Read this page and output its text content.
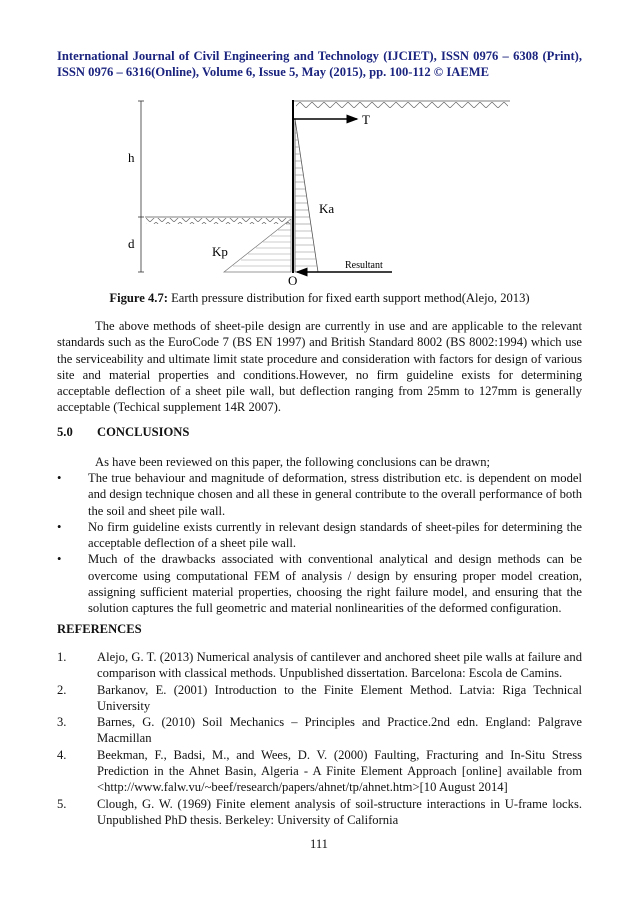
International Journal of Civil Engineering and Technology (IJCIET), ISSN 0976 – 6308 (Print), ISSN 0976 – 6316(Online), Volume 6, Issue 5, May (2015), pp. 100-112 © IAEME
h
d
T
Ka
Kp
Resultant
O
Figure 4.7: Earth pressure distribution for fixed earth support method(Alejo, 2013)
The above methods of sheet-pile design are currently in use and are applicable to the relevant standards such as the EuroCode 7 (BS EN 1997) and British Standard 8002 (BS 8002:1994) which use the serviceability and ultimate limit state procedure and consideration with factors for design of various site and material properties and conditions.However, no firm guideline exists for determining acceptable deflection of a sheet pile wall, but deflection ranging from 25mm to 127mm is generally acceptable (Techical supplement 14R 2007).
5.0 CONCLUSIONS
As have been reviewed on this paper, the following conclusions can be drawn;
• The true behaviour and magnitude of deformation, stress distribution etc. is dependent on model and design technique chosen and all these in general contribute to the overall performance of both the soil and sheet pile wall.
• No firm guideline exists currently in relevant design standards of sheet-piles for determining the acceptable deflection of a sheet pile wall.
• Much of the drawbacks associated with conventional analytical and design methods can be overcome using computational FEM of analysis / design by ensuring proper model creation, assigning sufficient material properties, choosing the right failure model, and ensuring that the solution captures the full geometric and material nonlinearities of the deformed configuration.
REFERENCES
1. Alejo, G. T. (2013) Numerical analysis of cantilever and anchored sheet pile walls at failure and comparison with classical methods. Unpublished dissertation. Barcelona: Escola de Camins.
2. Barkanov, E. (2001) Introduction to the Finite Element Method. Latvia: Riga Technical University
3. Barnes, G. (2010) Soil Mechanics – Principles and Practice.2nd edn. England: Palgrave Macmillan
4. Beekman, F., Badsi, M., and Wees, D. V. (2000) Faulting, Fracturing and In-Situ Stress Prediction in the Ahnet Basin, Algeria - A Finite Element Approach [online] available from <http://www.falw.vu/~beef/research/papers/ahnet/tp/ahnet.htm>[10 August 2014]
5. Clough, G. W. (1969) Finite element analysis of soil-structure interactions in U-frame locks. Unpublished PhD thesis. Berkeley: University of California
111
